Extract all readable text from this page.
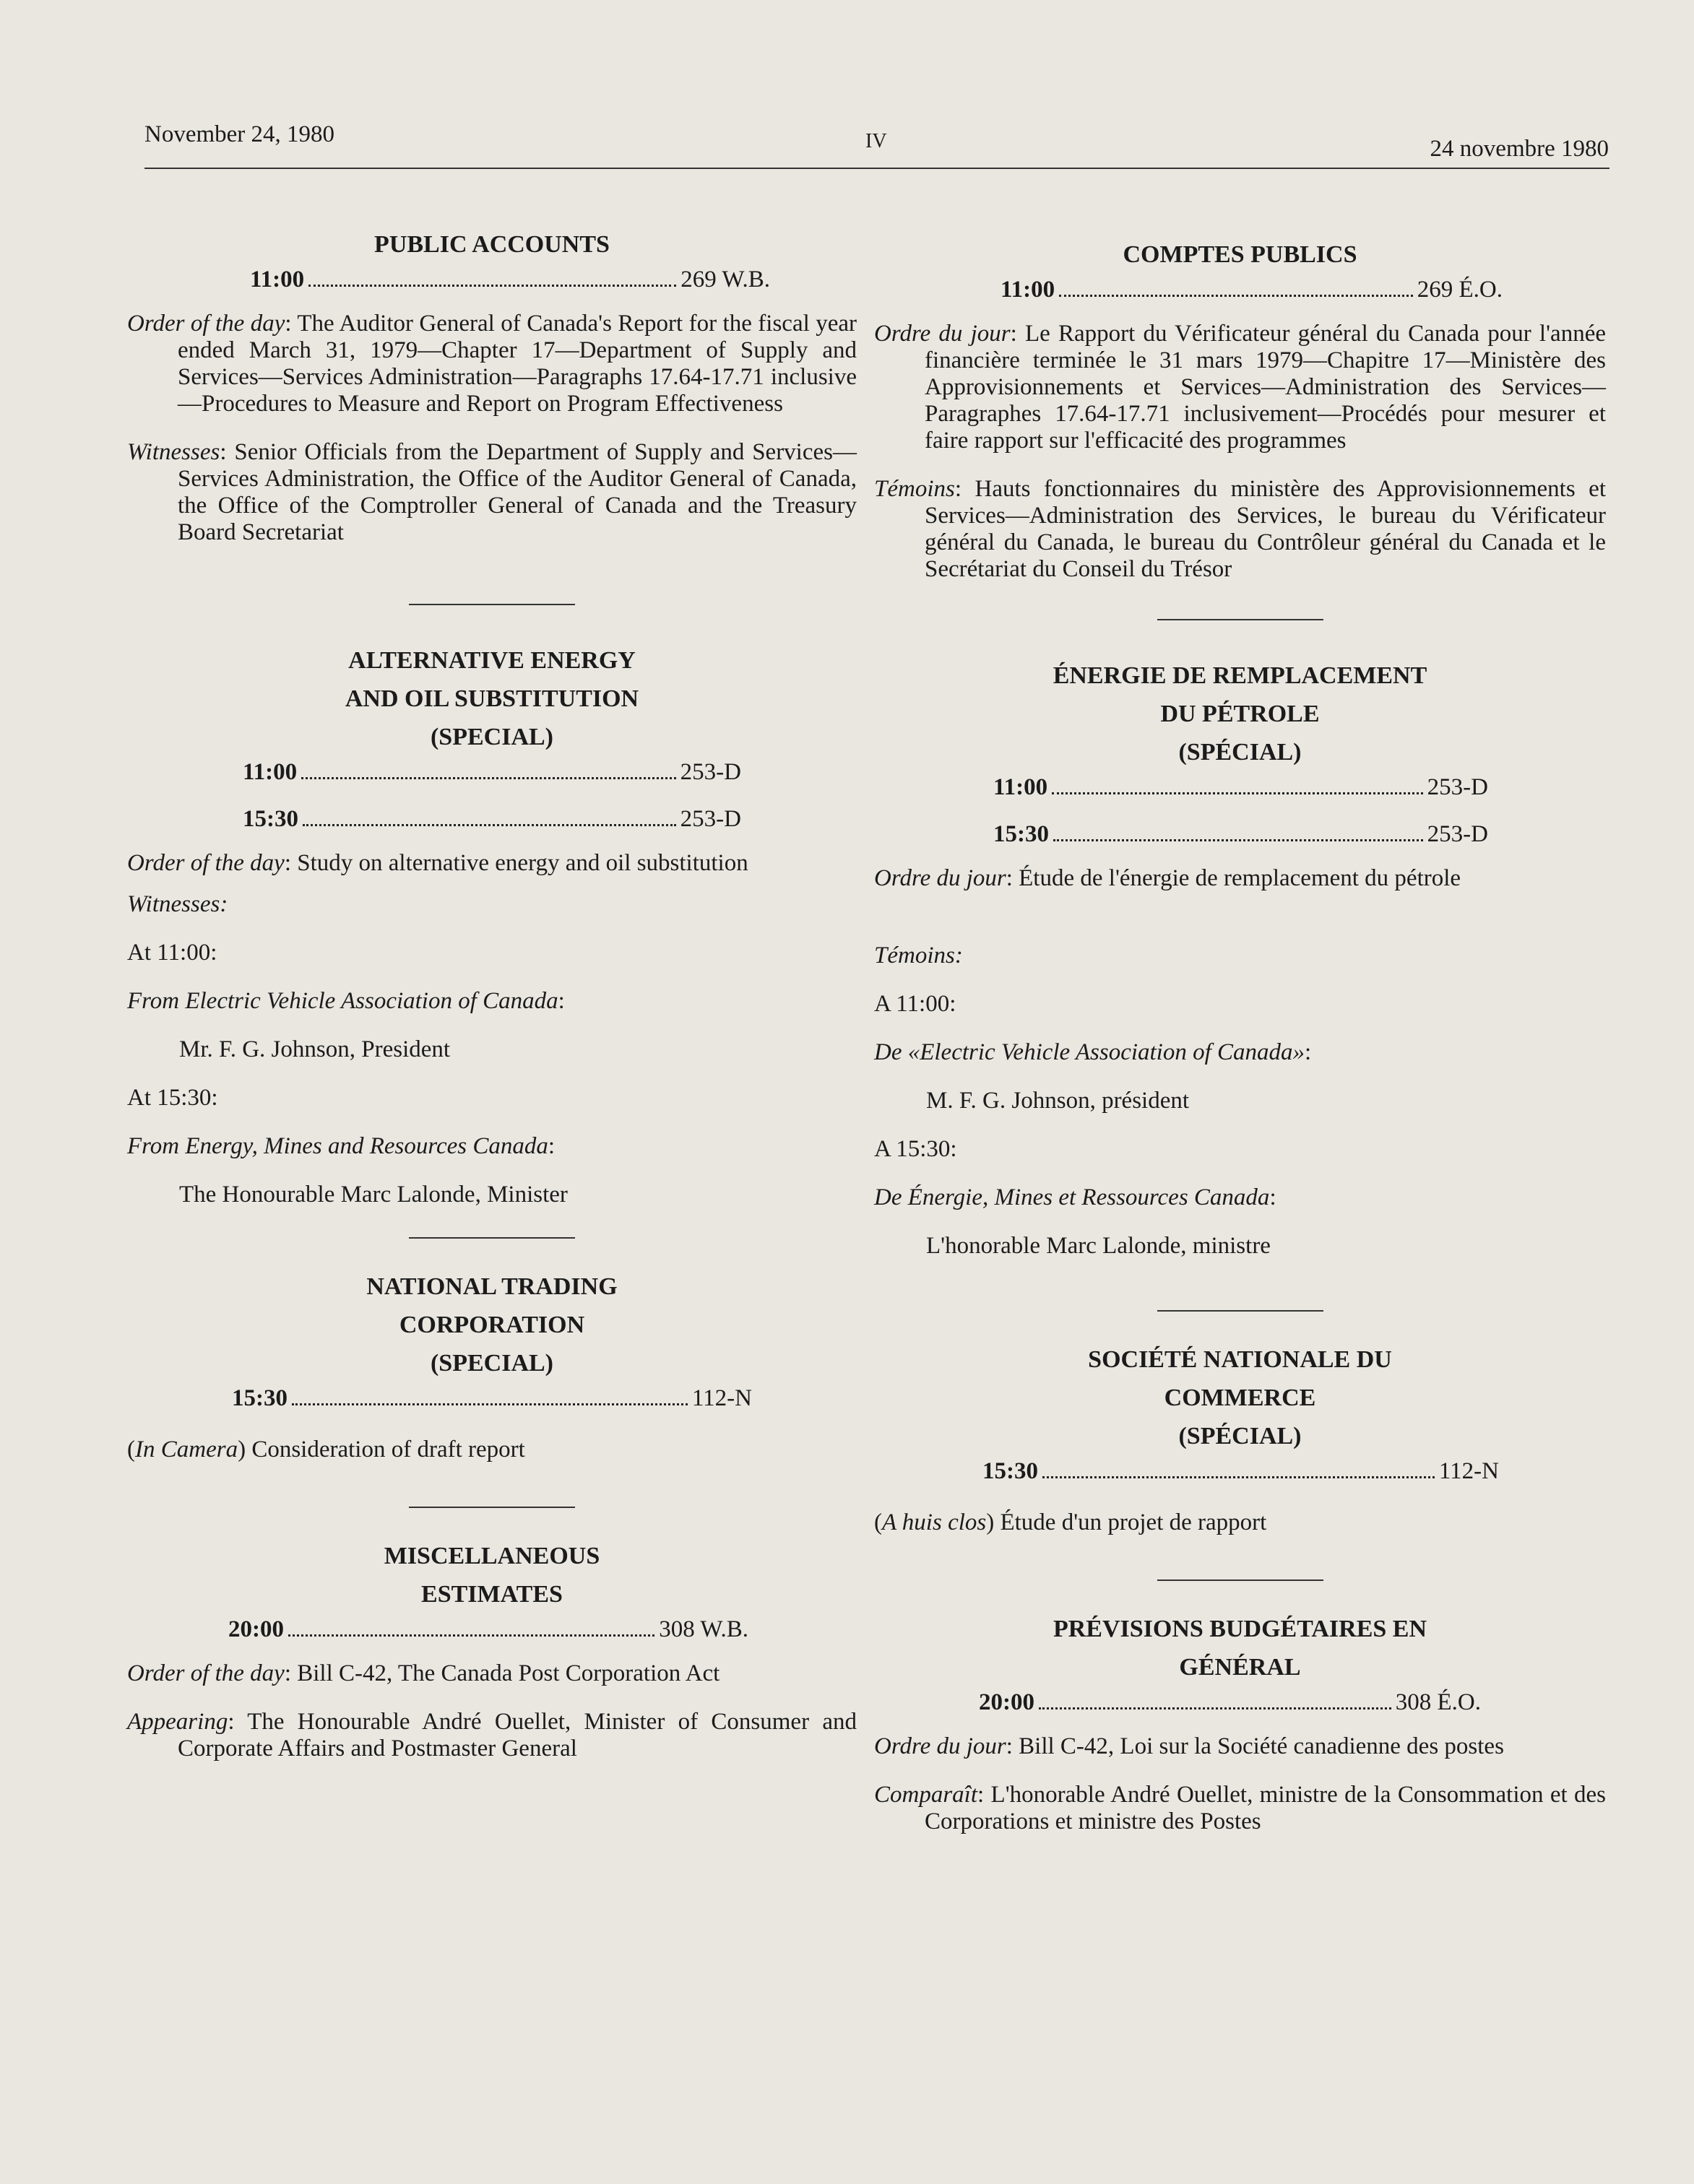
November 24, 1980	IV	24 novembre 1980
PUBLIC ACCOUNTS
11:00	269 W.B.

Order of the day: The Auditor General of Canada's Report for the fiscal year ended March 31, 1979—Chapter 17—Department of Supply and Services—Services Administration—Paragraphs 17.64-17.71 inclusive—Procedures to Measure and Report on Program Effectiveness

Witnesses: Senior Officials from the Department of Supply and Services—Services Administration, the Office of the Auditor General of Canada, the Office of the Comptroller General of Canada and the Treasury Board Secretariat

ALTERNATIVE ENERGY
AND OIL SUBSTITUTION
(SPECIAL)
11:00	253-D
15:30	253-D

Order of the day: Study on alternative energy and oil substitution

Witnesses:

At 11:00:

From Electric Vehicle Association of Canada:

Mr. F. G. Johnson, President

At 15:30:

From Energy, Mines and Resources Canada:

The Honourable Marc Lalonde, Minister

NATIONAL TRADING
CORPORATION
(SPECIAL)
15:30	112-N

(In Camera) Consideration of draft report

MISCELLANEOUS
ESTIMATES
20:00	308 W.B.

Order of the day: Bill C-42, The Canada Post Corporation Act

Appearing: The Honourable André Ouellet, Minister of Consumer and Corporate Affairs and Postmaster General

COMPTES PUBLICS
11:00	269 É.O.

Ordre du jour: Le Rapport du Vérificateur général du Canada pour l'année financière terminée le 31 mars 1979—Chapitre 17—Ministère des Approvisionnements et Services—Administration des Services—Paragraphes 17.64-17.71 inclusivement—Procédés pour mesurer et faire rapport sur l'efficacité des programmes

Témoins: Hauts fonctionnaires du ministère des Approvisionnements et Services—Administration des Services, le bureau du Vérificateur général du Canada, le bureau du Contrôleur général du Canada et le Secrétariat du Conseil du Trésor

ÉNERGIE DE REMPLACEMENT
DU PÉTROLE
(SPÉCIAL)
11:00	253-D
15:30	253-D

Ordre du jour: Étude de l'énergie de remplacement du pétrole

Témoins:

A 11:00:

De «Electric Vehicle Association of Canada»:

M. F. G. Johnson, président

A 15:30:

De Énergie, Mines et Ressources Canada:

L'honorable Marc Lalonde, ministre

SOCIÉTÉ NATIONALE DU
COMMERCE
(SPÉCIAL)
15:30	112-N

(A huis clos) Étude d'un projet de rapport

PRÉVISIONS BUDGÉTAIRES EN
GÉNÉRAL
20:00	308 É.O.

Ordre du jour: Bill C-42, Loi sur la Société canadienne des postes

Comparaît: L'honorable André Ouellet, ministre de la Consommation et des Corporations et ministre des Postes
